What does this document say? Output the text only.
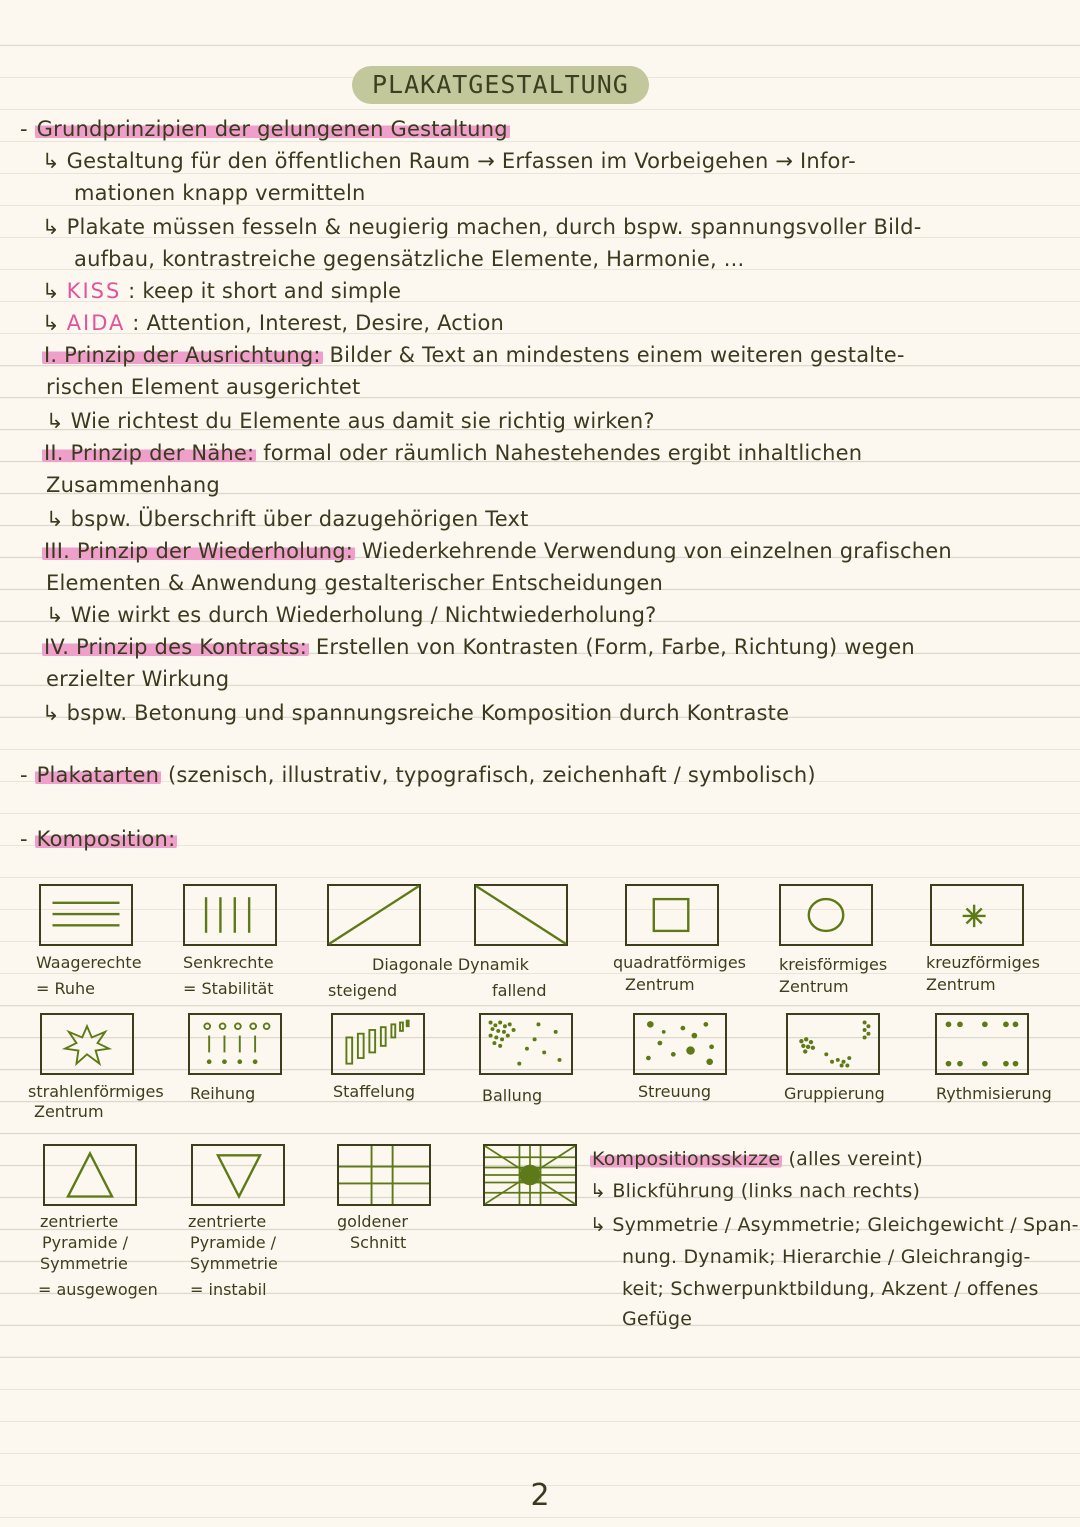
PLAKATGESTALTUNG
- Grundprinzipien der gelungenen Gestaltung
↳ Gestaltung für den öffentlichen Raum → Erfassen im Vorbeigehen → Infor-
mationen knapp vermitteln
↳ Plakate müssen fesseln & neugierig machen, durch bspw. spannungsvoller Bild-
aufbau, kontrastreiche gegensätzliche Elemente, Harmonie, ...
↳ KISS : keep it short and simple
↳ AIDA : Attention, Interest, Desire, Action
I. Prinzip der Ausrichtung: Bilder & Text an mindestens einem weiteren gestalte-
rischen Element ausgerichtet
↳ Wie richtest du Elemente aus damit sie richtig wirken?
II. Prinzip der Nähe: formal oder räumlich Nahestehendes ergibt inhaltlichen
Zusammenhang
↳ bspw. Überschrift über dazugehörigen Text
III. Prinzip der Wiederholung: Wiederkehrende Verwendung von einzelnen grafischen
Elementen & Anwendung gestalterischer Entscheidungen
↳ Wie wirkt es durch Wiederholung / Nichtwiederholung?
IV. Prinzip des Kontrasts: Erstellen von Kontrasten (Form, Farbe, Richtung) wegen
erzielter Wirkung
↳ bspw. Betonung und spannungsreiche Komposition durch Kontraste
- Plakatarten (szenisch, illustrativ, typografisch, zeichenhaft / symbolisch)
- Komposition:
Waagerechte
= Ruhe
Senkrechte
= Stabilität
Diagonale Dynamik
steigend	fallend
quadratförmiges
Zentrum
kreisförmiges
Zentrum
kreuzförmiges
Zentrum
strahlenförmiges
Zentrum
Reihung	Staffelung	Ballung	Streuung	Gruppierung	Rythmisierung
zentrierte
Pyramide /
Symmetrie
= ausgewogen
zentrierte
Pyramide /
Symmetrie
= instabil
goldener
Schnitt
Kompositionsskizze (alles vereint)
↳ Blickführung (links nach rechts)
↳ Symmetrie / Asymmetrie; Gleichgewicht / Span-
nung. Dynamik; Hierarchie / Gleichrangig-
keit; Schwerpunktbildung, Akzent / offenes
Gefüge
2
